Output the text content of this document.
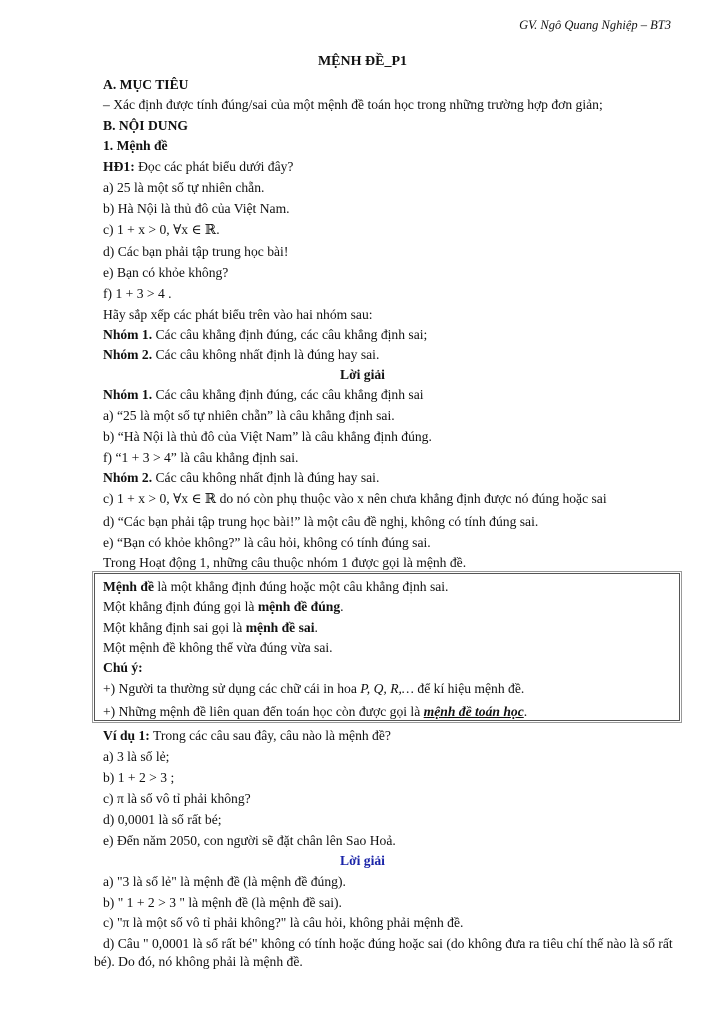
GV. Ngô Quang Nghiệp – BT3
MỆNH ĐỀ_P1
A. MỤC TIÊU
– Xác định được tính đúng/sai của một mệnh đề toán học trong những trường hợp đơn giản;
B. NỘI DUNG
1. Mệnh đề
HĐ1: Đọc các phát biểu dưới đây?
a) 25 là một số tự nhiên chẵn.
b) Hà Nội là thủ đô của Việt Nam.
c) 1 + x > 0, ∀x ∈ ℝ.
d) Các bạn phải tập trung học bài!
e) Bạn có khỏe không?
f) 1 + 3 > 4 .
Hãy sắp xếp các phát biểu trên vào hai nhóm sau:
Nhóm 1. Các câu khẳng định đúng, các câu khẳng định sai;
Nhóm 2. Các câu không nhất định là đúng hay sai.
Lời giải
Nhóm 1. Các câu khẳng định đúng, các câu khẳng định sai
a) “25 là một số tự nhiên chẵn” là câu khẳng định sai.
b) “Hà Nội là thủ đô của Việt Nam” là câu khẳng định đúng.
f) “1 + 3 > 4” là câu khẳng định sai.
Nhóm 2. Các câu không nhất định là đúng hay sai.
c) 1 + x > 0, ∀x ∈ ℝ do nó còn phụ thuộc vào x nên chưa khẳng định được nó đúng hoặc sai
d) “Các bạn phải tập trung học bài!” là một câu đề nghị, không có tính đúng sai.
e) “Bạn có khỏe không?” là câu hỏi, không có tính đúng sai.
Trong Hoạt động 1, những câu thuộc nhóm 1 được gọi là mệnh đề.
Mệnh đề là một khẳng định đúng hoặc một câu khẳng định sai.
Một khẳng định đúng gọi là mệnh đề đúng.
Một khẳng định sai gọi là mệnh đề sai.
Một mệnh đề không thể vừa đúng vừa sai.
Chú ý:
+) Người ta thường sử dụng các chữ cái in hoa P, Q, R,… để kí hiệu mệnh đề.
+) Những mệnh đề liên quan đến toán học còn được gọi là mệnh đề toán học.
Ví dụ 1: Trong các câu sau đây, câu nào là mệnh đề?
a) 3 là số lẻ;
b) 1 + 2 > 3 ;
c) π là số vô tỉ phải không?
d) 0,0001 là số rất bé;
e) Đến năm 2050, con người sẽ đặt chân lên Sao Hoả.
Lời giải
a) "3 là số lẻ" là mệnh đề (là mệnh đề đúng).
b) " 1 + 2 > 3 " là mệnh đề (là mệnh đề sai).
c) "π là một số vô tỉ phải không?" là câu hỏi, không phải mệnh đề.
d) Câu " 0,0001 là số rất bé" không có tính hoặc đúng hoặc sai (do không đưa ra tiêu chí thế nào là số rất bé). Do đó, nó không phải là mệnh đề.
